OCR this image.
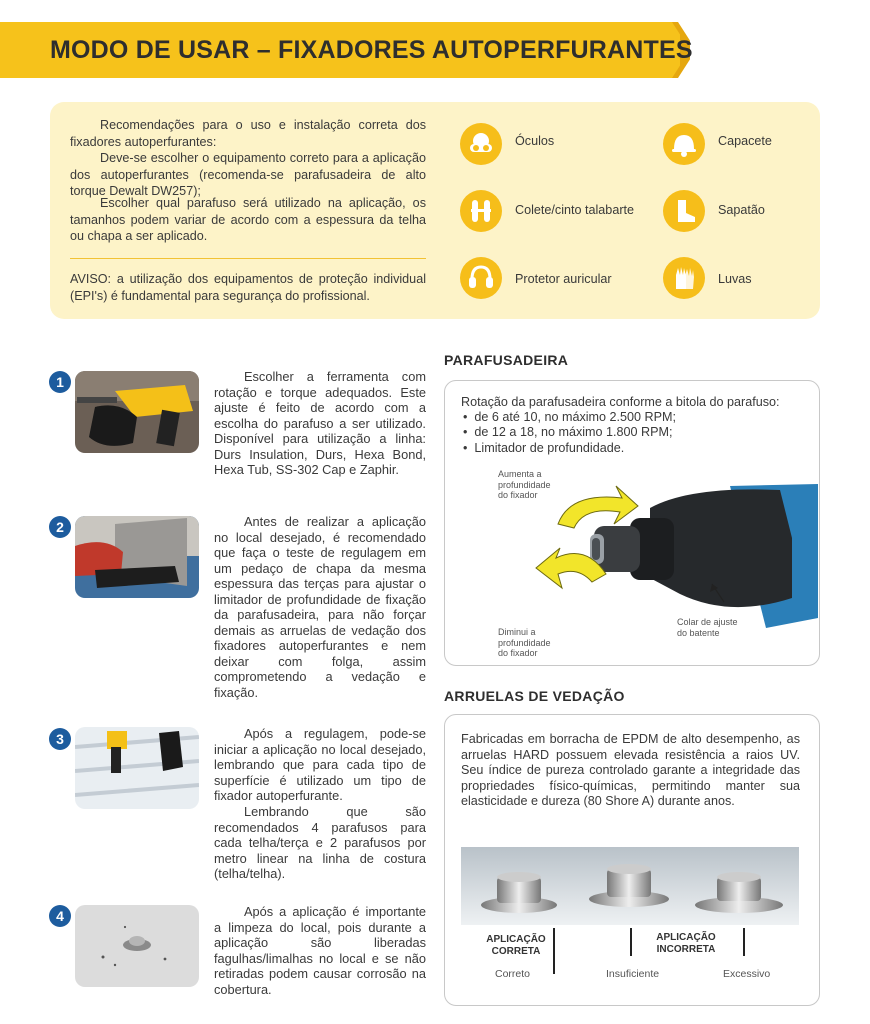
MODO DE USAR – FIXADORES AUTOPERFURANTES
Recomendações para o uso e instalação correta dos fixadores autoperfurantes:
Deve-se escolher o equipamento correto para a aplicação dos autoperfurantes (recomenda-se parafusadeira de alto torque Dewalt DW257);
Escolher qual parafuso será utilizado na aplicação, os tamanhos podem variar de acordo com a espessura da telha ou chapa a ser aplicado.
AVISO: a utilização dos equipamentos de proteção individual (EPI's) é fundamental para segurança do profissional.
Óculos	Capacete
Colete/cinto talabarte	Sapatão
Protetor auricular	Luvas
1	Escolher a ferramenta com rotação e torque adequados. Este ajuste é feito de acordo com a escolha do parafuso a ser utilizado. Disponível para utilização a linha: Durs Insulation, Durs, Hexa Bond, Hexa Tub, SS-302 Cap e Zaphir.
2	Antes de realizar a aplicação no local desejado, é recomendado que faça o teste de regulagem em um pedaço de chapa da mesma espessura das terças para ajustar o limitador de profundidade de fixação da parafusadeira, para não forçar demais as arruelas de vedação dos fixadores autoperfurantes e nem deixar com folga, assim comprometendo a vedação e fixação.
3	Após a regulagem, pode-se iniciar a aplicação no local desejado, lembrando que para cada tipo de superfície é utilizado um tipo de fixador autoperfurante.
Lembrando que são recomendados 4 parafusos para cada telha/terça e 2 parafusos por metro linear na linha de costura (telha/telha).
4	Após a aplicação é importante a limpeza do local, pois durante a aplicação são liberadas fagulhas/limalhas no local e se não retiradas podem causar corrosão na cobertura.
PARAFUSADEIRA
Rotação da parafusadeira conforme a bitola do parafuso:
•  de 6 até 10, no máximo 2.500 RPM;
•  de 12 a 18, no máximo 1.800 RPM;
•  Limitador de profundidade.
Aumenta a profundidade do fixador
Diminui a profundidade do fixador
Colar de ajuste do batente
ARRUELAS DE VEDAÇÃO
Fabricadas em borracha de EPDM de alto desempenho, as arruelas HARD possuem elevada resistência a raios UV. Seu índice de pureza controlado garante a integridade das propriedades físico-químicas, permitindo manter sua elasticidade e dureza (80 Shore A) durante anos.
APLICAÇÃO CORRETA
APLICAÇÃO INCORRETA
Correto	Insuficiente	Excessivo
